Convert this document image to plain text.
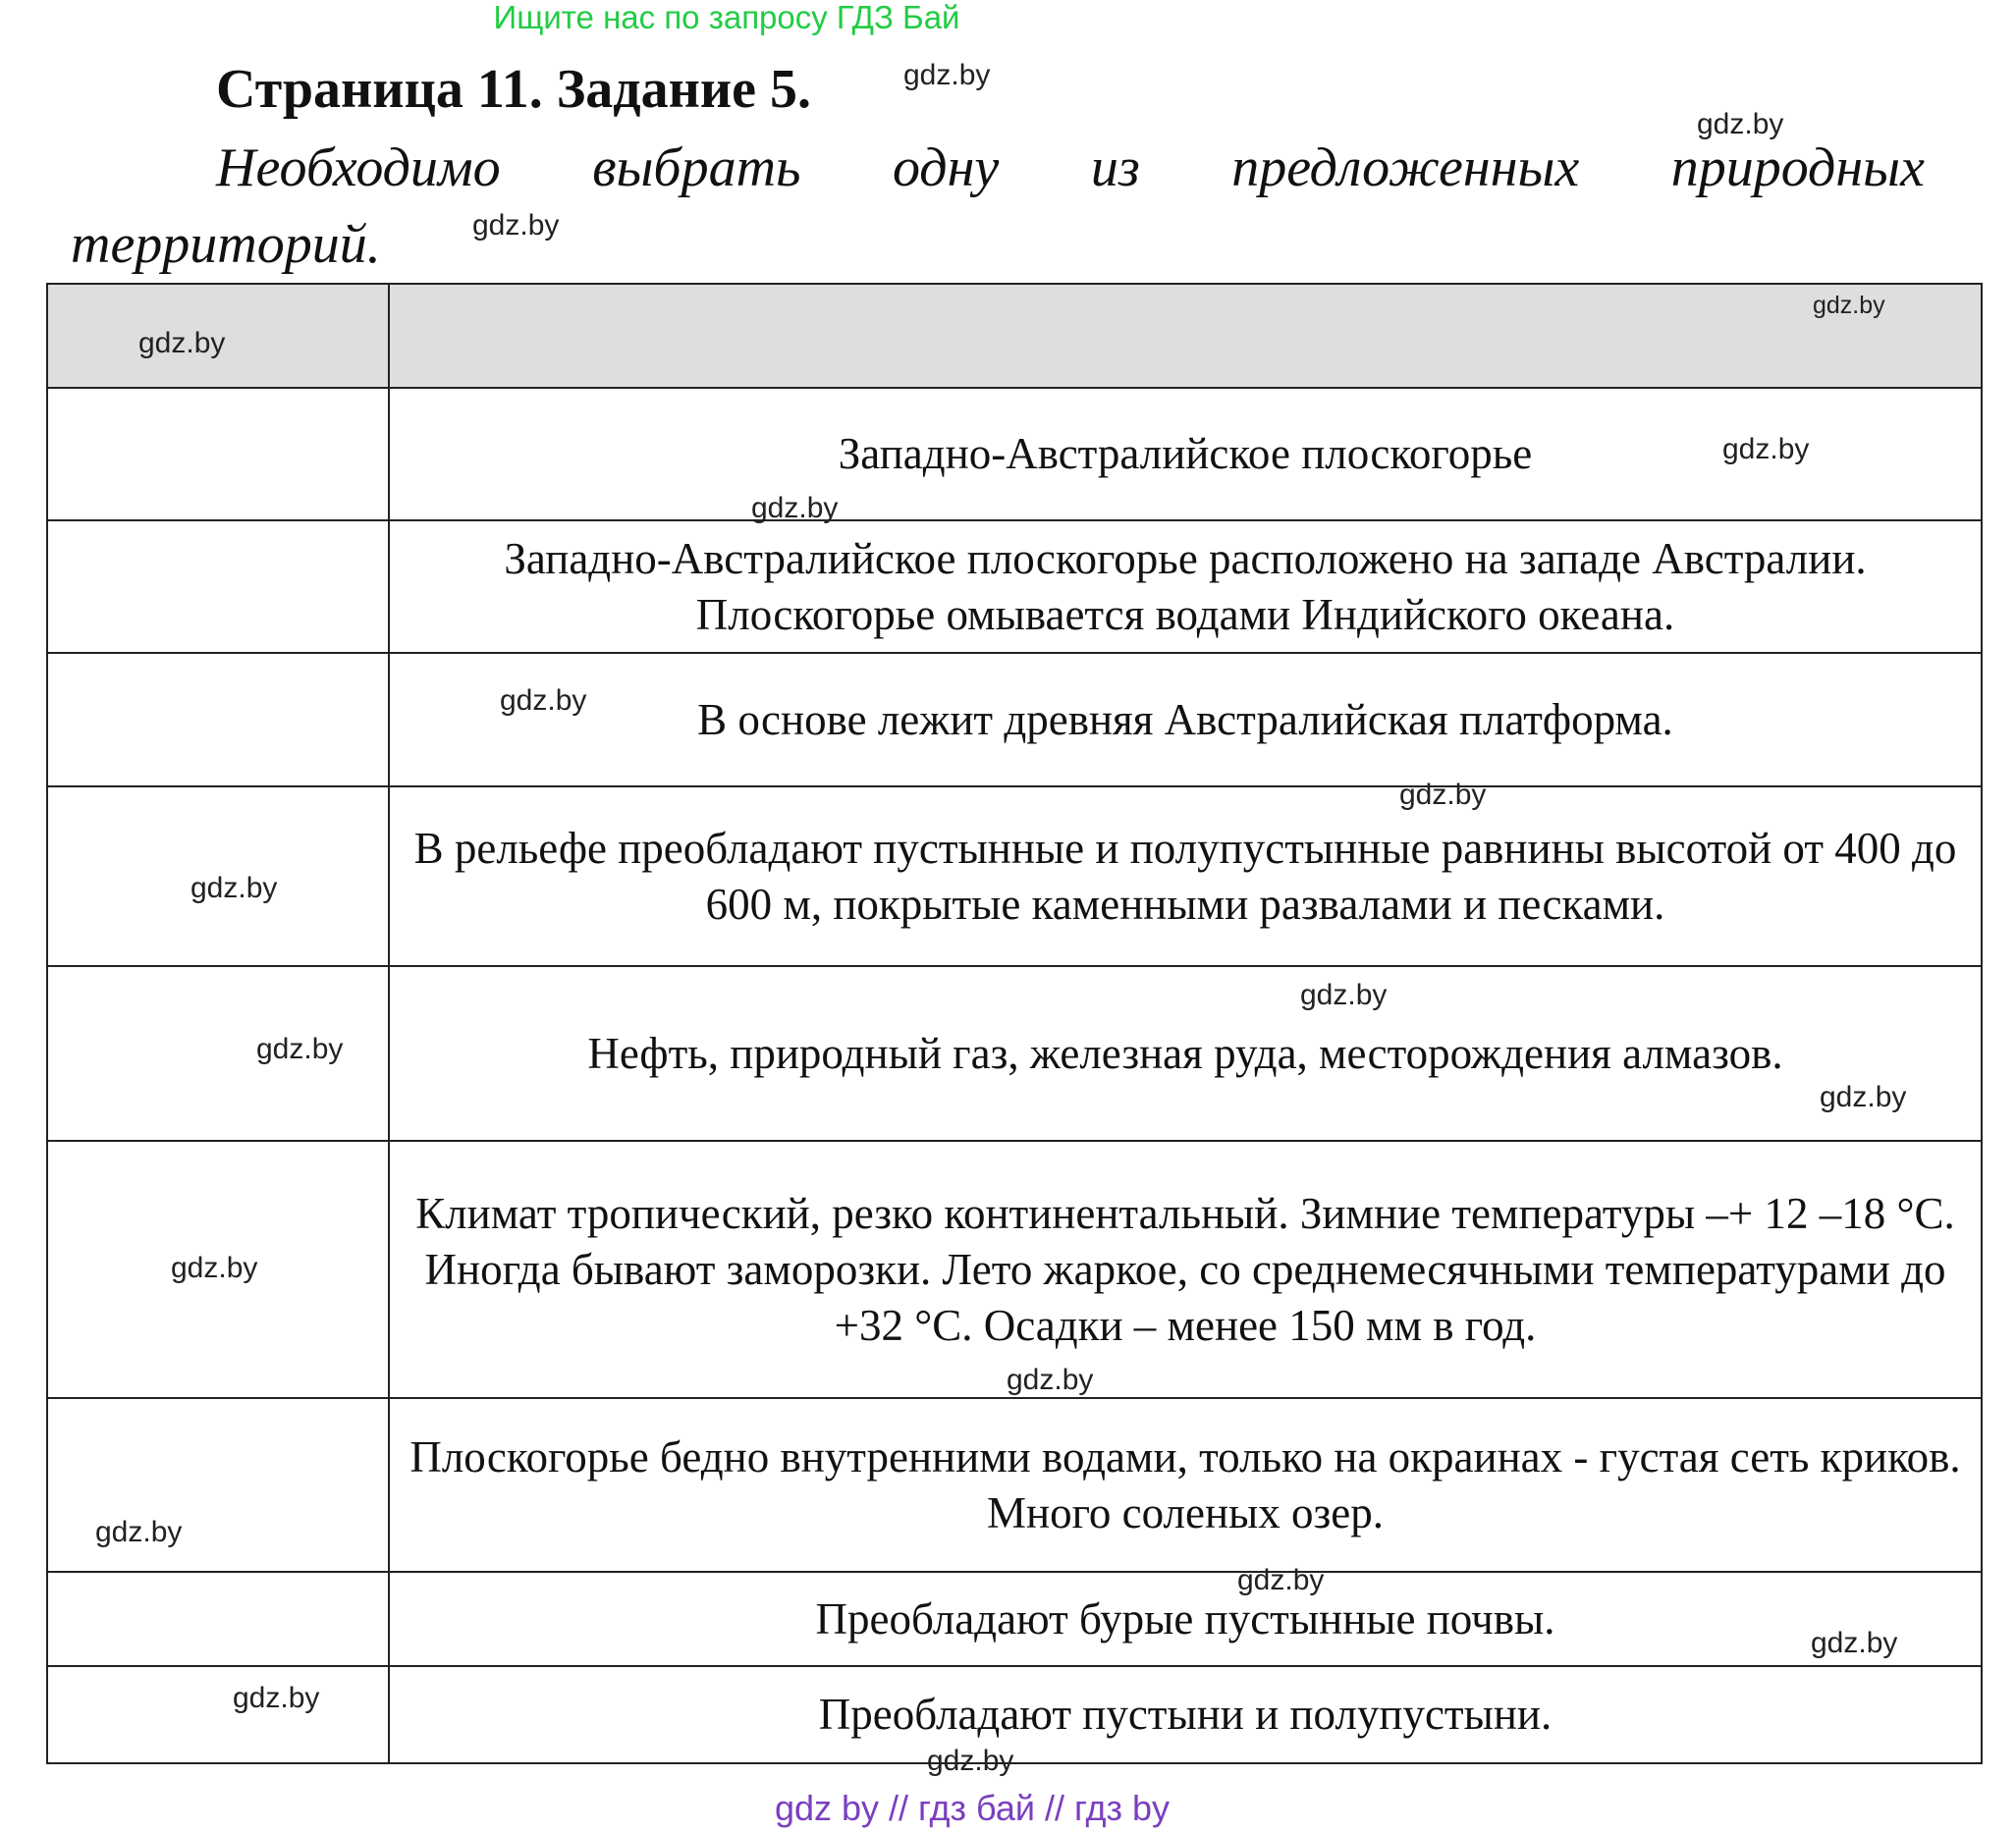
Ищите нас по запросу ГДЗ Бай
Страница 11. Задание 5.
Необходимо выбрать одну из предложенных природных
территорий.

	Западно-Австралийское плоскогорье
	Западно-Австралийское плоскогорье расположено на западе Австралии. Плоскогорье омывается водами Индийского океана.
	В основе лежит древняя Австралийская платформа.
	В рельефе преобладают пустынные и полупустынные равнины высотой от 400 до 600 м, покрытые каменными развалами и песками.
	Нефть, природный газ, железная руда, месторождения алмазов.
	Климат тропический, резко континентальный. Зимние температуры –+ 12 –18 °С. Иногда бывают заморозки. Лето жаркое, со среднемесячными температурами до +32 °С. Осадки – менее 150 мм в год.
	Плоскогорье бедно внутренними водами, только на окраинах - густая сеть криков. Много соленых озер.
	Преобладают бурые пустынные почвы.
	Преобладают пустыни и полупустыни.
gdz.by
gdz.by
gdz.by
gdz.by
gdz.by
gdz.by
gdz.by
gdz.by
gdz.by
gdz.by
gdz.by
gdz.by
gdz.by
gdz.by
gdz.by
gdz.by
gdz.by
gdz.by
gdz.by
gdz.by
gdz by // гдз бай // гдз by
